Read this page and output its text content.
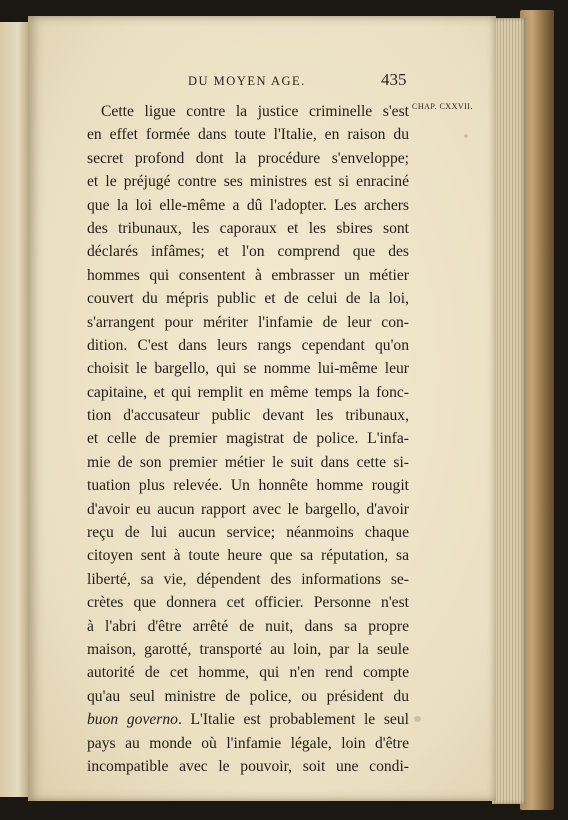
DU MOYEN AGE.	435
CHAP. CXXVII.
Cette ligue contre la justice criminelle s'est
en effet formée dans toute l'Italie, en raison du
secret profond dont la procédure s'enveloppe;
et le préjugé contre ses ministres est si enraciné
que la loi elle-même a dû l'adopter. Les archers
des tribunaux, les caporaux et les sbires sont
déclarés infâmes; et l'on comprend que des
hommes qui consentent à embrasser un métier
couvert du mépris public et de celui de la loi,
s'arrangent pour mériter l'infamie de leur con-
dition. C'est dans leurs rangs cependant qu'on
choisit le bargello, qui se nomme lui-même leur
capitaine, et qui remplit en même temps la fonc-
tion d'accusateur public devant les tribunaux,
et celle de premier magistrat de police. L'infa-
mie de son premier métier le suit dans cette si-
tuation plus relevée. Un honnête homme rougit
d'avoir eu aucun rapport avec le bargello, d'avoir
reçu de lui aucun service; néanmoins chaque
citoyen sent à toute heure que sa réputation, sa
liberté, sa vie, dépendent des informations se-
crètes que donnera cet officier. Personne n'est
à l'abri d'être arrêté de nuit, dans sa propre
maison, garotté, transporté au loin, par la seule
autorité de cet homme, qui n'en rend compte
qu'au seul ministre de police, ou président du
buon governo. L'Italie est probablement le seul
pays au monde où l'infamie légale, loin d'être
incompatible avec le pouvoir, soit une condi-
